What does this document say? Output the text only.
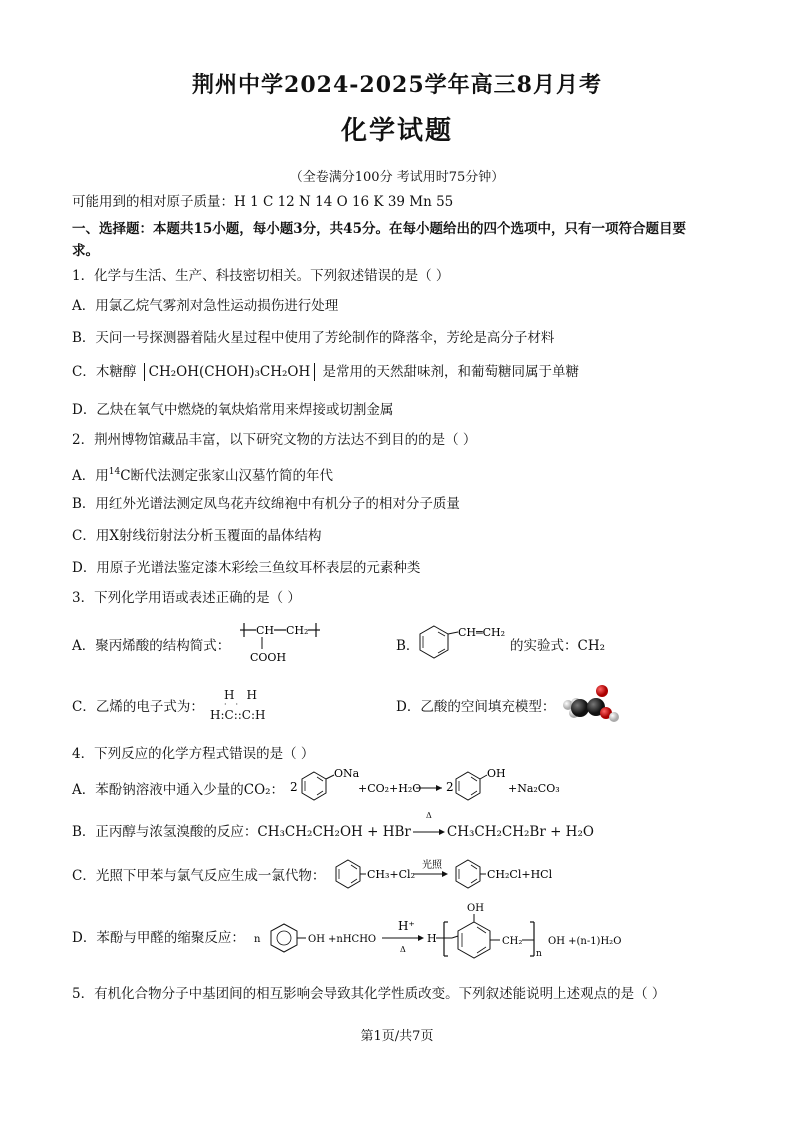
荆州中学2024-2025学年高三8月月考
化学试题
（全卷满分100分 考试用时75分钟）
可能用到的相对原子质量：H 1 C 12 N 14 O 16 K 39 Mn 55
一、选择题：本题共15小题，每小题3分，共45分。在每小题给出的四个选项中，只有一项符合题目要
求。
1．化学与生活、生产、科技密切相关。下列叙述错误的是（ ）
A．用氯乙烷气雾剂对急性运动损伤进行处理
B．天问一号探测器着陆火星过程中使用了芳纶制作的降落伞，芳纶是高分子材料
C．木糖醇 CH₂OH(CHOH)₃CH₂OH 是常用的天然甜味剂，和葡萄糖同属于单糖
D．乙炔在氧气中燃烧的氧炔焰常用来焊接或切割金属
2．荆州博物馆藏品丰富，以下研究文物的方法达不到目的的是（ ）
A．用$^{14}$C断代法测定张家山汉墓竹简的年代
B．用红外光谱法测定凤鸟花卉纹绵袍中有机分子的相对分子质量
C．用X射线衍射法分析玉覆面的晶体结构
D．用原子光谱法鉴定漆木彩绘三鱼纹耳杯表层的元素种类
3．下列化学用语或表述正确的是（ ）
A．聚丙烯酸的结构简式：
CH CH₂
COOH
B．
CH═CH₂
的实验式：CH₂
C．乙烯的电子式为：
H H
··
H:C::C:H	D．乙酸的空间填充模型：
4．下列反应的化学方程式错误的是（ ）
A．苯酚钠溶液中通入少量的CO₂： 2
ONa
+CO₂+H₂O 2
OH
+Na₂CO₃
B．正丙醇与浓氢溴酸的反应：CH₃CH₂CH₂OH + HBr
Δ
CH₃CH₂CH₂Br + H₂O
C．光照下甲苯与氯气反应生成一氯代物：	CH₃+Cl₂
光照
CH₂Cl+HCl
D．苯酚与甲醛的缩聚反应： n	OH +nHCHO
H⁺
Δ
H
OH
CH₂
n
OH +(n-1)H₂O
5．有机化合物分子中基团间的相互影响会导致其化学性质改变。下列叙述能说明上述观点的是（ ）
第1页/共7页
